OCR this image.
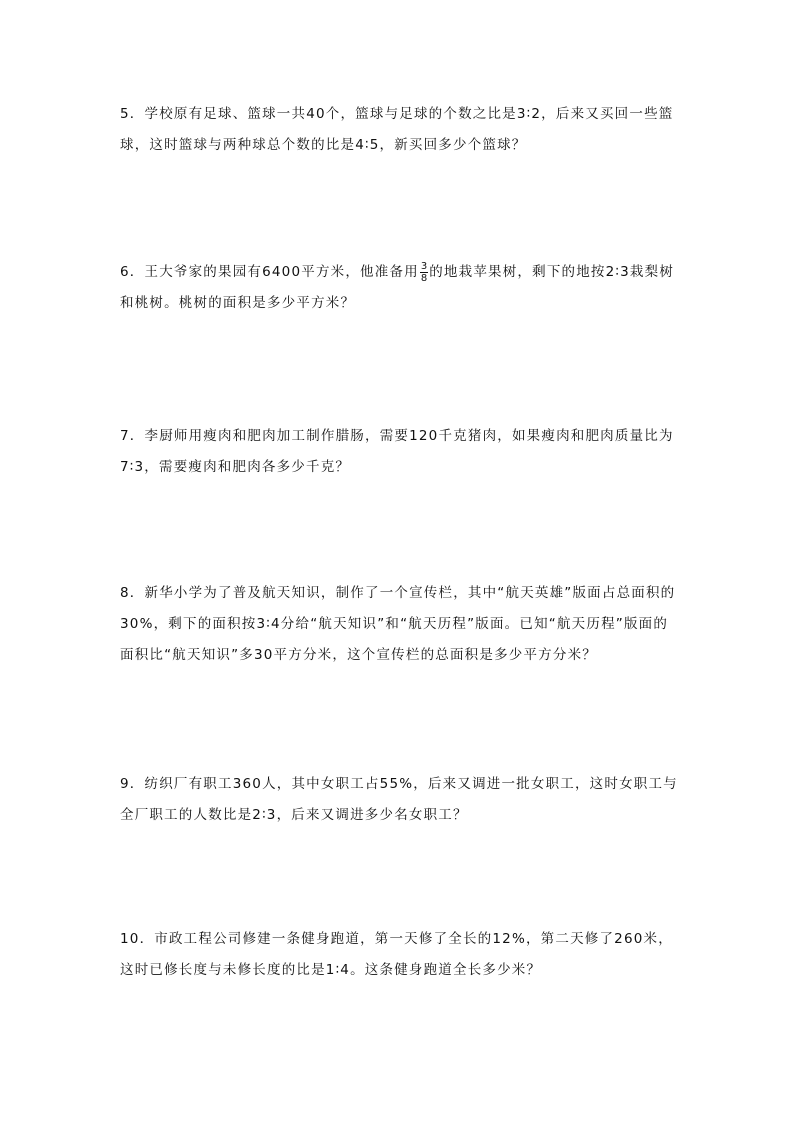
5．学校原有足球、篮球一共40个，篮球与足球的个数之比是3∶2，后来又买回一些篮球，这时篮球与两种球总个数的比是4∶5，新买回多少个篮球？

6．王大爷家的果园有6400平方米，他准备用 $\frac{3}{8}$ 的地栽苹果树，剩下的地按2∶3栽梨树和桃树。桃树的面积是多少平方米？

7．李厨师用瘦肉和肥肉加工制作腊肠，需要120千克猪肉，如果瘦肉和肥肉质量比为7∶3，需要瘦肉和肥肉各多少千克？

8．新华小学为了普及航天知识，制作了一个宣传栏，其中“航天英雄”版面占总面积的30%，剩下的面积按3∶4分给“航天知识”和“航天历程”版面。已知“航天历程”版面的面积比“航天知识”多30平方分米，这个宣传栏的总面积是多少平方分米？

9．纺织厂有职工360人，其中女职工占55%，后来又调进一批女职工，这时女职工与全厂职工的人数比是2∶3，后来又调进多少名女职工？

10．市政工程公司修建一条健身跑道，第一天修了全长的12%，第二天修了260米，这时已修长度与未修长度的比是1∶4。这条健身跑道全长多少米？
